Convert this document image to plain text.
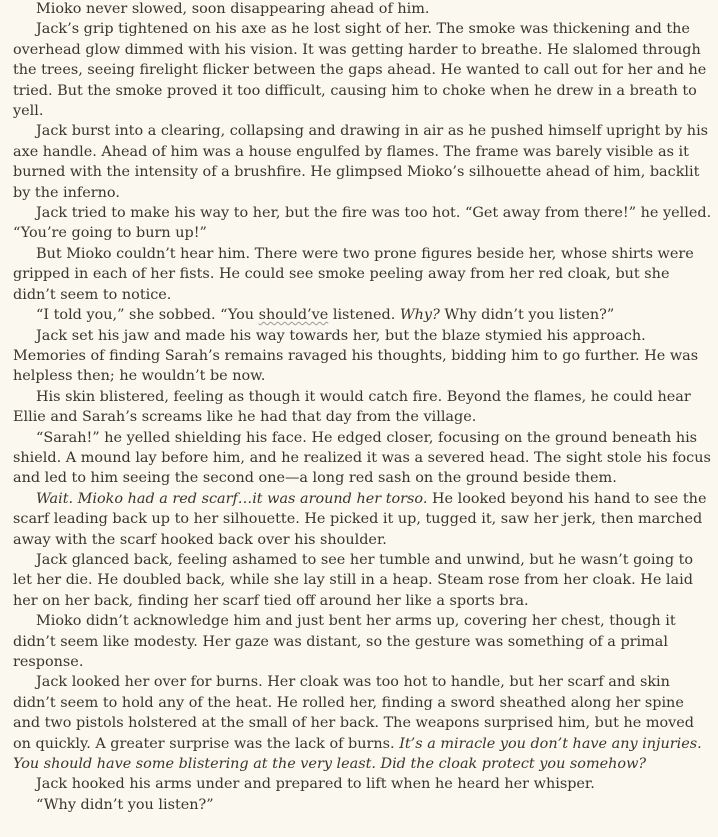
Mioko never slowed, soon disappearing ahead of him.

Jack’s grip tightened on his axe as he lost sight of her. The smoke was thickening and the overhead glow dimmed with his vision. It was getting harder to breathe. He slalomed through the trees, seeing firelight flicker between the gaps ahead. He wanted to call out for her and he tried. But the smoke proved it too difficult, causing him to choke when he drew in a breath to yell.

Jack burst into a clearing, collapsing and drawing in air as he pushed himself upright by his axe handle. Ahead of him was a house engulfed by flames. The frame was barely visible as it burned with the intensity of a brushfire. He glimpsed Mioko’s silhouette ahead of him, backlit by the inferno.

Jack tried to make his way to her, but the fire was too hot. “Get away from there!” he yelled. “You’re going to burn up!”

But Mioko couldn’t hear him. There were two prone figures beside her, whose shirts were gripped in each of her fists. He could see smoke peeling away from her red cloak, but she didn’t seem to notice.

“I told you,” she sobbed. “You should’ve listened. Why? Why didn’t you listen?”

Jack set his jaw and made his way towards her, but the blaze stymied his approach. Memories of finding Sarah’s remains ravaged his thoughts, bidding him to go further. He was helpless then; he wouldn’t be now.

His skin blistered, feeling as though it would catch fire. Beyond the flames, he could hear Ellie and Sarah’s screams like he had that day from the village.

“Sarah!” he yelled shielding his face. He edged closer, focusing on the ground beneath his shield. A mound lay before him, and he realized it was a severed head. The sight stole his focus and led to him seeing the second one—a long red sash on the ground beside them.

Wait. Mioko had a red scarf…it was around her torso. He looked beyond his hand to see the scarf leading back up to her silhouette. He picked it up, tugged it, saw her jerk, then marched away with the scarf hooked back over his shoulder.

Jack glanced back, feeling ashamed to see her tumble and unwind, but he wasn’t going to let her die. He doubled back, while she lay still in a heap. Steam rose from her cloak. He laid her on her back, finding her scarf tied off around her like a sports bra.

Mioko didn’t acknowledge him and just bent her arms up, covering her chest, though it didn’t seem like modesty. Her gaze was distant, so the gesture was something of a primal response.

Jack looked her over for burns. Her cloak was too hot to handle, but her scarf and skin didn’t seem to hold any of the heat. He rolled her, finding a sword sheathed along her spine and two pistols holstered at the small of her back. The weapons surprised him, but he moved on quickly. A greater surprise was the lack of burns. It’s a miracle you don’t have any injuries. You should have some blistering at the very least. Did the cloak protect you somehow?

Jack hooked his arms under and prepared to lift when he heard her whisper.

“Why didn’t you listen?”
